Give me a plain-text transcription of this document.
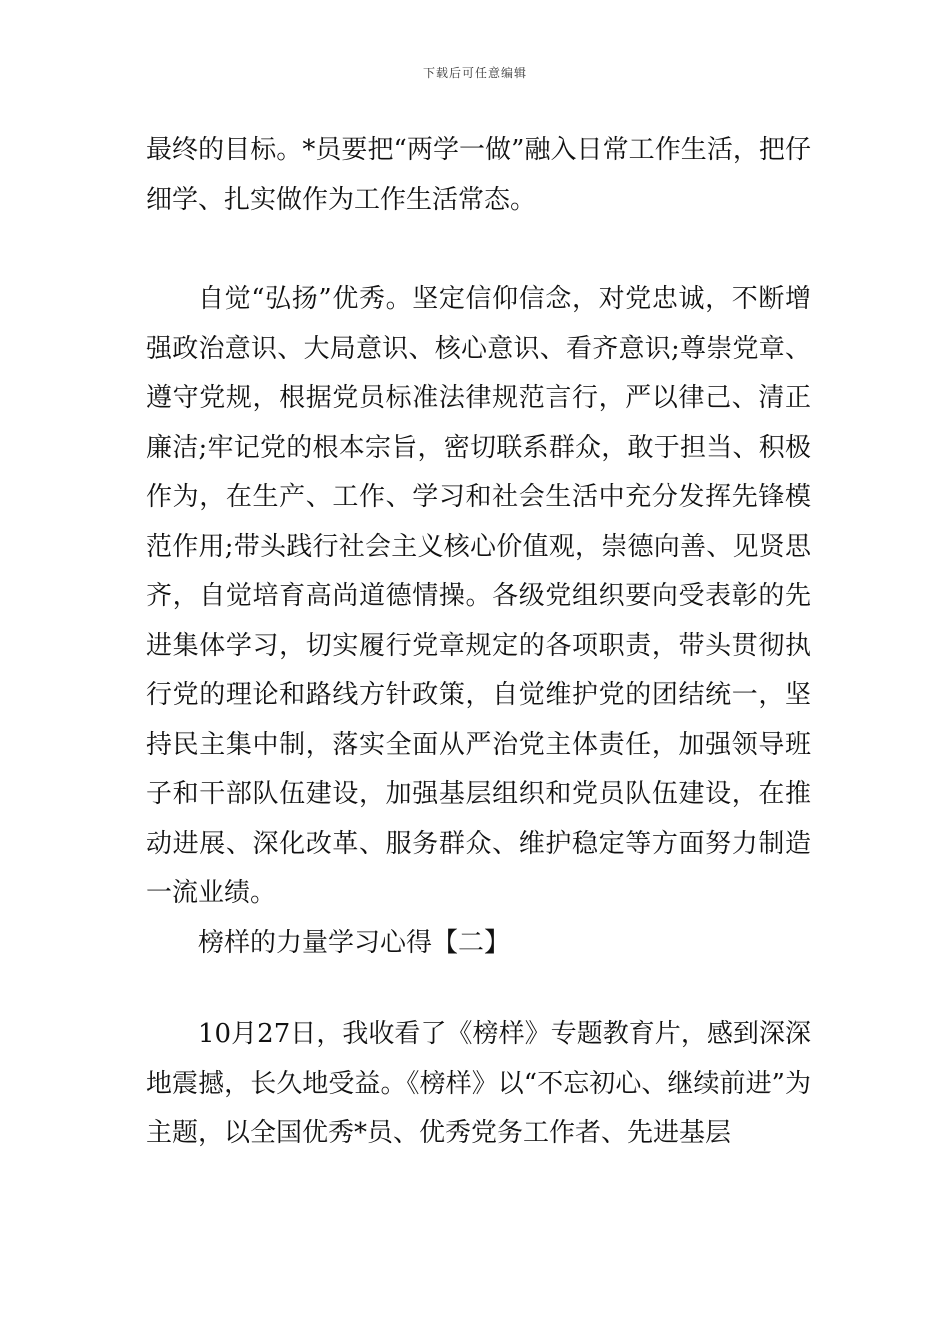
下载后可任意编辑

最终的目标。*员要把“两学一做”融入日常工作生活，把仔细学、扎实做作为工作生活常态。

自觉“弘扬”优秀。坚定信仰信念，对党忠诚，不断增强政治意识、大局意识、核心意识、看齐意识;尊崇党章、遵守党规，根据党员标准法律规范言行，严以律己、清正廉洁;牢记党的根本宗旨，密切联系群众，敢于担当、积极作为，在生产、工作、学习和社会生活中充分发挥先锋模范作用;带头践行社会主义核心价值观，崇德向善、见贤思齐，自觉培育高尚道德情操。各级党组织要向受表彰的先进集体学习，切实履行党章规定的各项职责，带头贯彻执行党的理论和路线方针政策，自觉维护党的团结统一，坚持民主集中制，落实全面从严治党主体责任，加强领导班子和干部队伍建设，加强基层组织和党员队伍建设，在推动进展、深化改革、服务群众、维护稳定等方面努力制造一流业绩。

榜样的力量学习心得【二】

10月27日，我收看了《榜样》专题教育片，感到深深地震撼，长久地受益。《榜样》以“不忘初心、继续前进”为主题，以全国优秀*员、优秀党务工作者、先进基层
